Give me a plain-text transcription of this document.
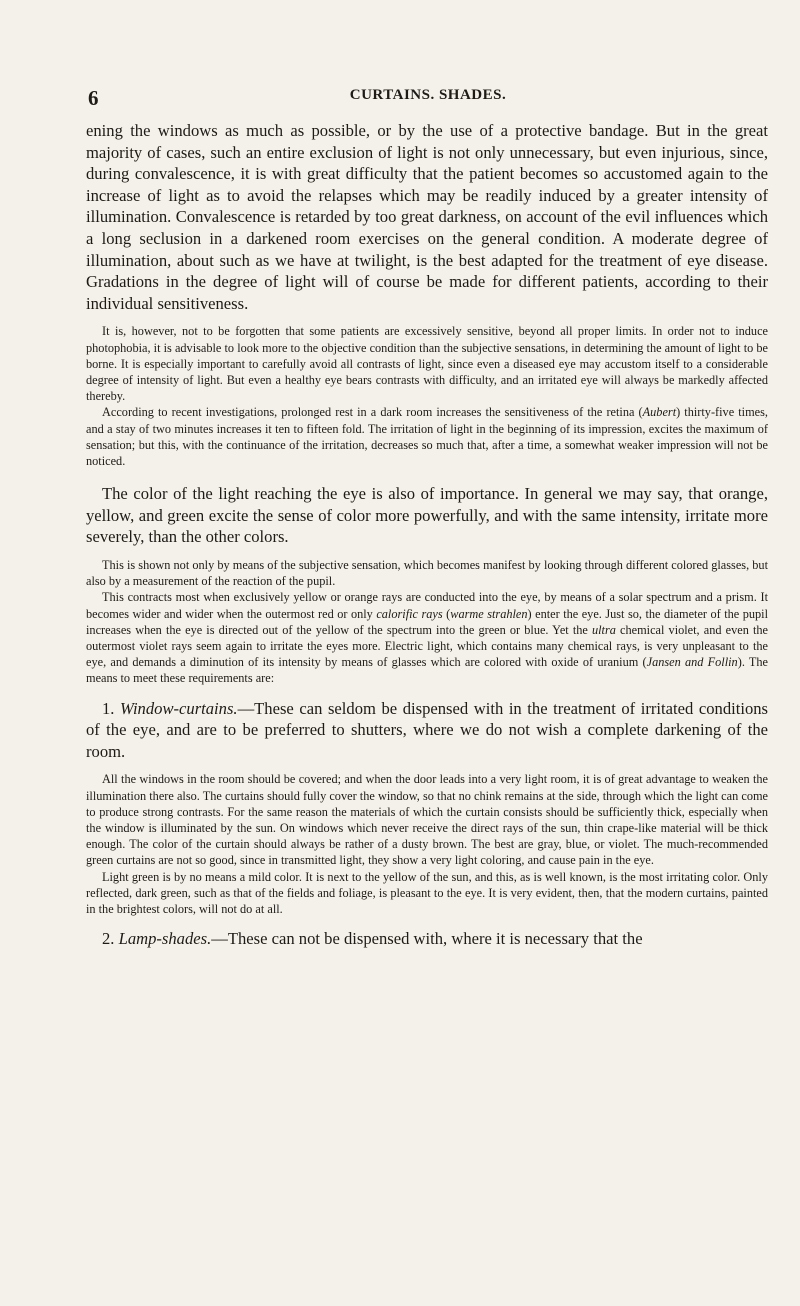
6	CURTAINS. SHADES.

ening the windows as much as possible, or by the use of a protective bandage. But in the great majority of cases, such an entire exclusion of light is not only unnecessary, but even injurious, since, during convalescence, it is with great difficulty that the patient becomes so accustomed again to the increase of light as to avoid the relapses which may be readily induced by a greater intensity of illumination. Convalescence is retarded by too great darkness, on account of the evil influences which a long seclusion in a darkened room exercises on the general condition. A moderate degree of illumination, about such as we have at twilight, is the best adapted for the treatment of eye disease. Gradations in the degree of light will of course be made for different patients, according to their individual sensitiveness.

It is, however, not to be forgotten that some patients are excessively sensitive, beyond all proper limits. In order not to induce photophobia, it is advisable to look more to the objective condition than the subjective sensations, in determining the amount of light to be borne. It is especially important to carefully avoid all contrasts of light, since even a diseased eye may accustom itself to a considerable degree of intensity of light. But even a healthy eye bears contrasts with difficulty, and an irritated eye will always be markedly affected thereby.

According to recent investigations, prolonged rest in a dark room increases the sensitiveness of the retina (Aubert) thirty-five times, and a stay of two minutes increases it ten to fifteen fold. The irritation of light in the beginning of its impression, excites the maximum of sensation; but this, with the continuance of the irritation, decreases so much that, after a time, a somewhat weaker impression will not be noticed.

The color of the light reaching the eye is also of importance. In general we may say, that orange, yellow, and green excite the sense of color more powerfully, and with the same intensity, irritate more severely, than the other colors.

This is shown not only by means of the subjective sensation, which becomes manifest by looking through different colored glasses, but also by a measurement of the reaction of the pupil.

This contracts most when exclusively yellow or orange rays are conducted into the eye, by means of a solar spectrum and a prism. It becomes wider and wider when the outermost red or only calorific rays (warme strahlen) enter the eye. Just so, the diameter of the pupil increases when the eye is directed out of the yellow of the spectrum into the green or blue. Yet the ultra chemical violet, and even the outermost violet rays seem again to irritate the eyes more. Electric light, which contains many chemical rays, is very unpleasant to the eye, and demands a diminution of its intensity by means of glasses which are colored with oxide of uranium (Jansen and Follin). The means to meet these requirements are:

1. Window-curtains.—These can seldom be dispensed with in the treatment of irritated conditions of the eye, and are to be preferred to shutters, where we do not wish a complete darkening of the room.

All the windows in the room should be covered; and when the door leads into a very light room, it is of great advantage to weaken the illumination there also. The curtains should fully cover the window, so that no chink remains at the side, through which the light can come to produce strong contrasts. For the same reason the materials of which the curtain consists should be sufficiently thick, especially when the window is illuminated by the sun. On windows which never receive the direct rays of the sun, thin crape-like material will be thick enough. The color of the curtain should always be rather of a dusty brown. The best are gray, blue, or violet. The much-recommended green curtains are not so good, since in transmitted light, they show a very light coloring, and cause pain in the eye.

Light green is by no means a mild color. It is next to the yellow of the sun, and this, as is well known, is the most irritating color. Only reflected, dark green, such as that of the fields and foliage, is pleasant to the eye. It is very evident, then, that the modern curtains, painted in the brightest colors, will not do at all.

2. Lamp-shades.—These can not be dispensed with, where it is necessary that the
